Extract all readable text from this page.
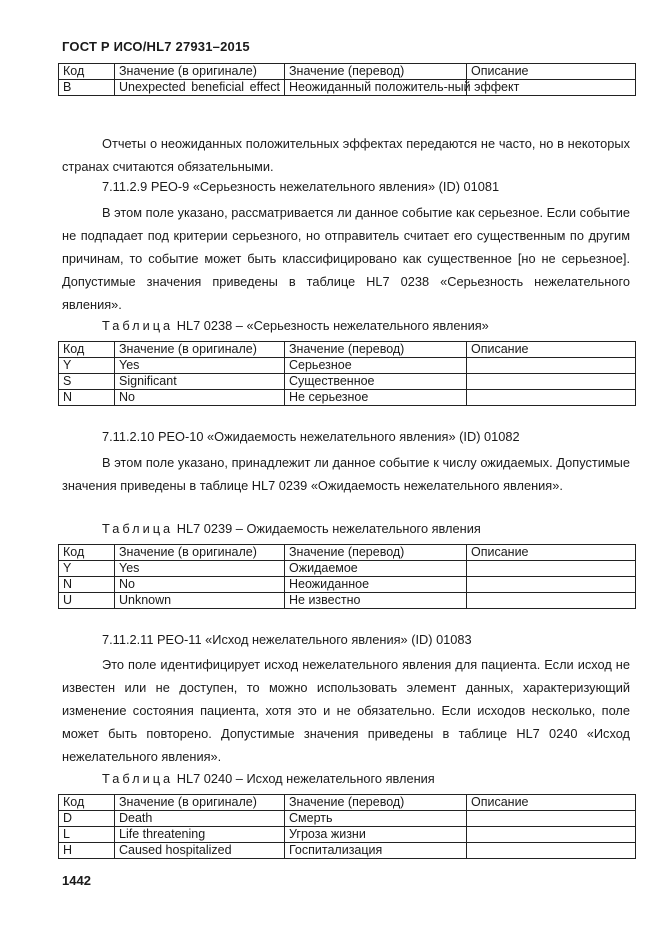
ГОСТ Р ИСО/HL7 27931–2015
Код	Значение (в оригинале)	Значение (перевод)	Описание
B	Unexpected beneficial effect	Неожиданный положитель-ный эффект	

Отчеты о неожиданных положительных эффектах передаются не часто, но в некоторых странах считаются обязательными.

7.11.2.9 PEO-9 «Серьезность нежелательного явления» (ID) 01081

В этом поле указано, рассматривается ли данное событие как серьезное. Если событие не подпадает под критерии серьезного, но отправитель считает его существенным по другим причинам, то событие может быть классифицировано как существенное [но не серьезное]. Допустимые значения приведены в таблице HL7 0238 «Серьезность нежелательного явления».

Таблица HL7 0238 – «Серьезность нежелательного явления»
Код	Значение (в оригинале)	Значение (перевод)	Описание
Y	Yes	Серьезное	
S	Significant	Существенное	
N	No	Не серьезное	
7.11.2.10 PEO-10 «Ожидаемость нежелательного явления» (ID) 01082

В этом поле указано, принадлежит ли данное событие к числу ожидаемых. Допустимые значения приведены в таблице HL7 0239 «Ожидаемость нежелательного явления».

Таблица HL7 0239 – Ожидаемость нежелательного явления
Код	Значение (в оригинале)	Значение (перевод)	Описание
Y	Yes	Ожидаемое	
N	No	Неожиданное	
U	Unknown	Не известно	
7.11.2.11 PEO-11 «Исход нежелательного явления» (ID) 01083

Это поле идентифицирует исход нежелательного явления для пациента. Если исход не известен или не доступен, то можно использовать элемент данных, характеризующий изменение состояния пациента, хотя это и не обязательно. Если исходов несколько, поле может быть повторено. Допустимые значения приведены в таблице HL7 0240 «Исход нежелательного явления».

Таблица HL7 0240 – Исход нежелательного явления
Код	Значение (в оригинале)	Значение (перевод)	Описание
D	Death	Смерть	
L	Life threatening	Угроза жизни	
H	Caused hospitalized	Госпитализация	
1442
